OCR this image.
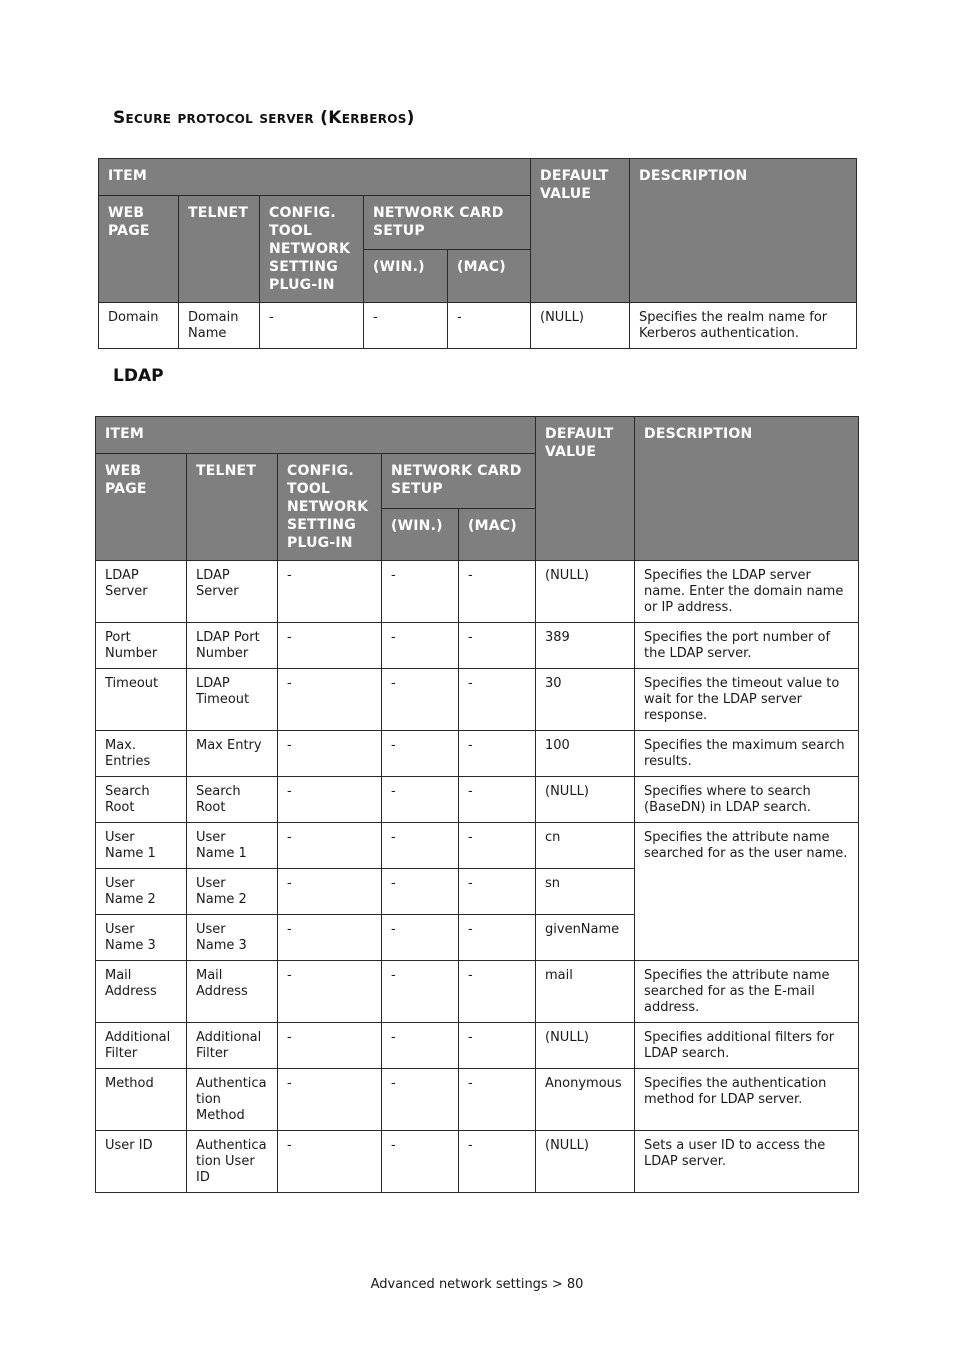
Secure protocol server (Kerberos)
ITEM					DEFAULT VALUE	DESCRIPTION
WEB PAGE	TELNET	CONFIG. TOOL NETWORK SETTING PLUG-IN	NETWORK CARD SETUP			
			(WIN.)	(MAC)		
Domain	Domain Name	-	-	-	(NULL)	Specifies the realm name for Kerberos authentication.
LDAP
ITEM					DEFAULT VALUE	DESCRIPTION
WEB PAGE	TELNET	CONFIG. TOOL NETWORK SETTING PLUG-IN	NETWORK CARD SETUP			
			(WIN.)	(MAC)		
LDAP Server	LDAP Server	-	-	-	(NULL)	Specifies the LDAP server name. Enter the domain name or IP address.
Port Number	LDAP Port Number	-	-	-	389	Specifies the port number of the LDAP server.
Timeout	LDAP Timeout	-	-	-	30	Specifies the timeout value to wait for the LDAP server response.
Max. Entries	Max Entry	-	-	-	100	Specifies the maximum search results.
Search Root	Search Root	-	-	-	(NULL)	Specifies where to search (BaseDN) in LDAP search.
User Name 1	User Name 1	-	-	-	cn	Specifies the attribute name searched for as the user name.
User Name 2	User Name 2	-	-	-	sn	
User Name 3	User Name 3	-	-	-	givenName	
Mail Address	Mail Address	-	-	-	mail	Specifies the attribute name searched for as the E-mail address.
Additional Filter	Additional Filter	-	-	-	(NULL)	Specifies additional filters for LDAP search.
Method	Authentica tion Method	-	-	-	Anonymous	Specifies the authentication method for LDAP server.
User ID	Authentica tion User ID	-	-	-	(NULL)	Sets a user ID to access the LDAP server.
Advanced network settings > 80
